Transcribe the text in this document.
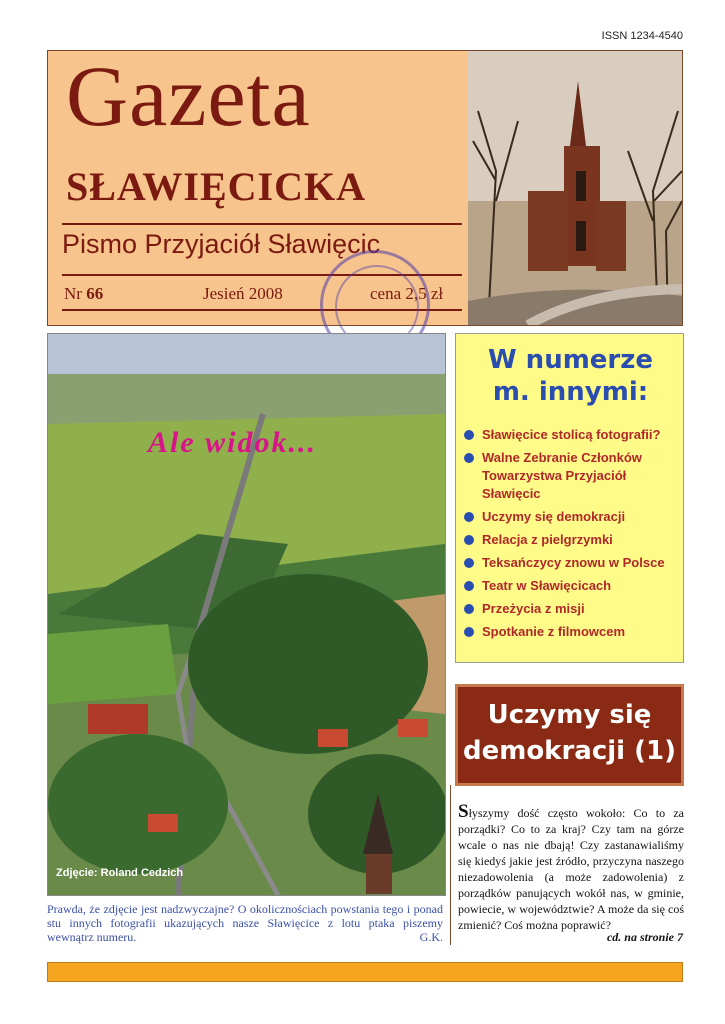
ISSN 1234-4540
Gazeta
SŁAWIĘCICKA
Pismo Przyjaciół Sławięcic
Nr 66	Jesień 2008	cena 2,5 zł
Ale widok...
Zdjęcie: Roland Cedzich
Prawda, że zdjęcie jest nadzwyczajne? O okolicznościach powstania tego i ponad stu innych fotografii ukazujących nasze Sławięcice z lotu ptaka piszemy wewnątrz numeru.	G.K.
W numerze
m. innymi:
Sławięcice stolicą fotografii?
Walne Zebranie Członków Towarzystwa Przyjaciół Sławięcic
Uczymy się demokracji
Relacja z pielgrzymki
Teksańczycy znowu w Polsce
Teatr w Sławięcicach
Przeżycia z misji
Spotkanie z filmowcem
Uczymy się
demokracji (1)
Słyszymy dość często wokoło: Co to za porządki? Co to za kraj? Czy tam na górze wcale o nas nie dbają! Czy zastanawialiśmy się kiedyś jakie jest źródło, przyczyna naszego niezadowolenia (a może zadowolenia) z porządków panujących wokół nas, w gminie, powiecie, w województwie? A może da się coś zmienić? Coś można poprawić?
cd. na stronie 7
